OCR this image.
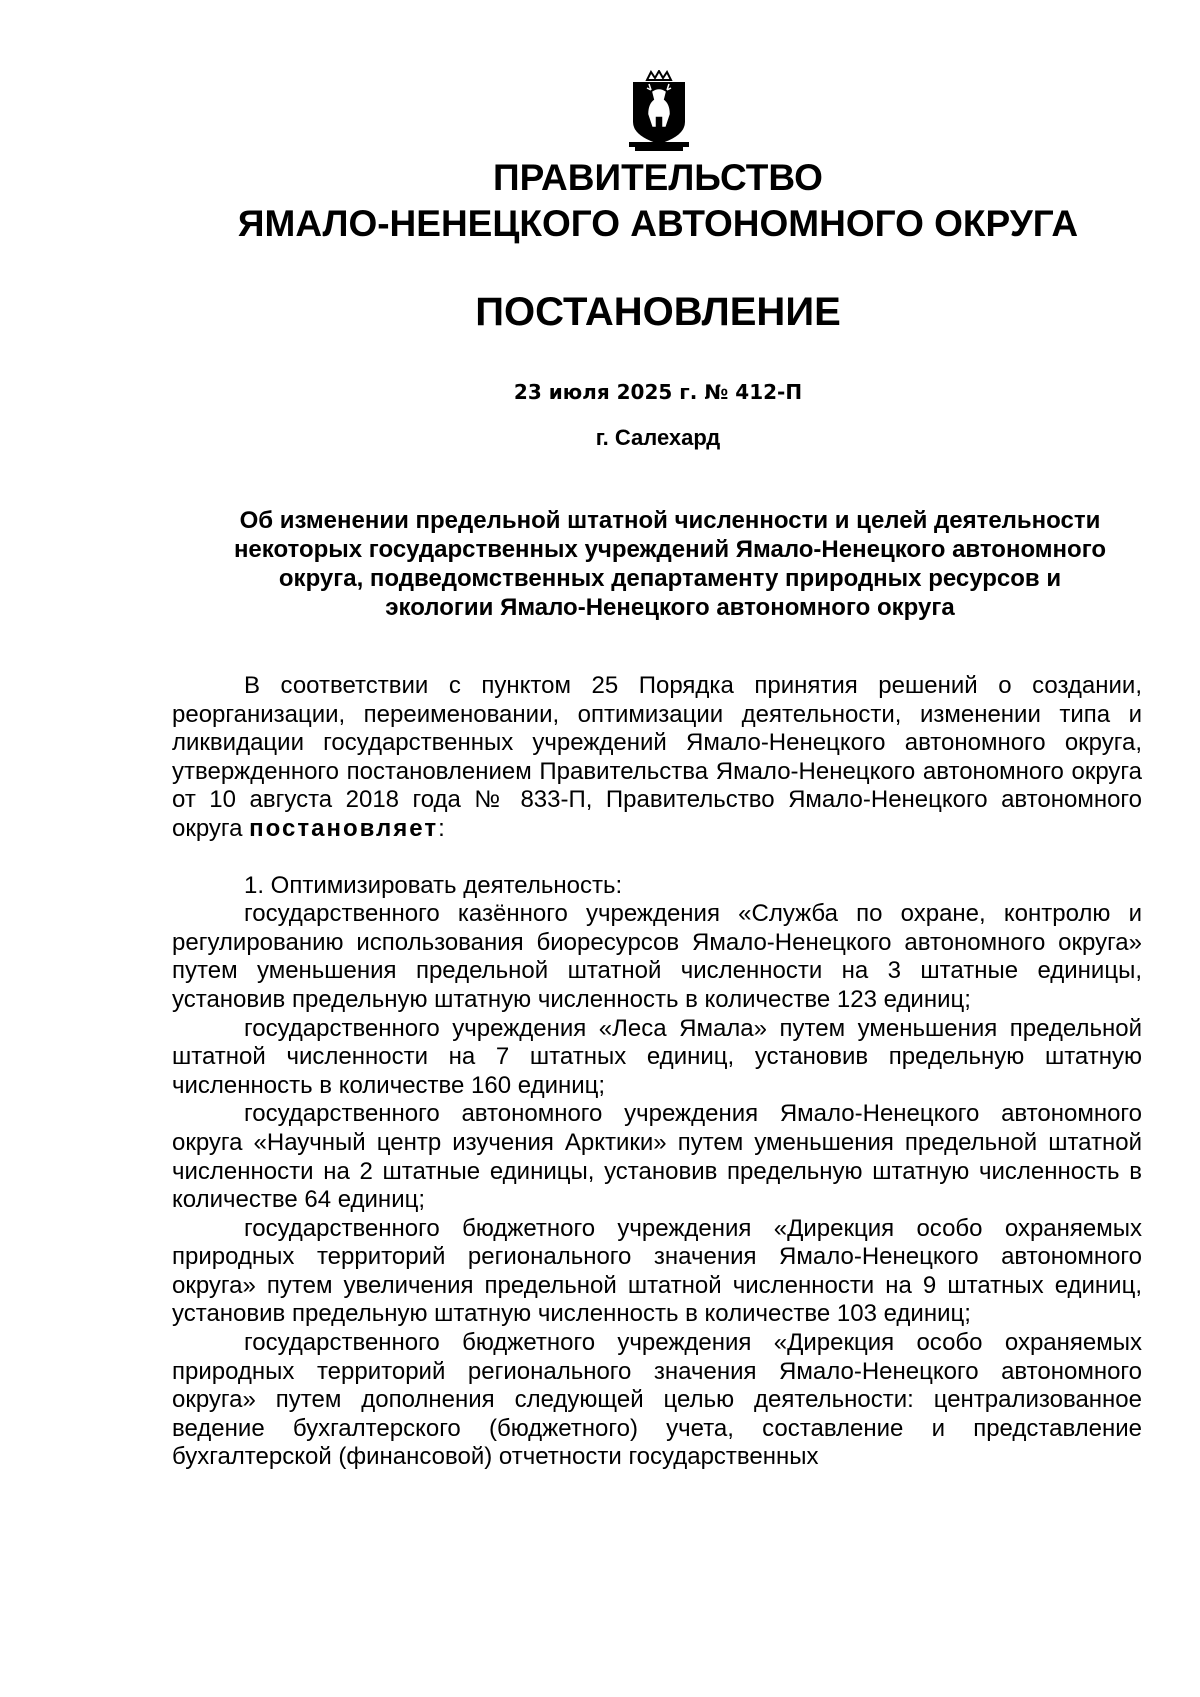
ПРАВИТЕЛЬСТВО
ЯМАЛО-НЕНЕЦКОГО АВТОНОМНОГО ОКРУГА
ПОСТАНОВЛЕНИЕ
23 июля 2025 г. № 412-П
г. Салехард
Об изменении предельной штатной численности и целей деятельности
некоторых государственных учреждений Ямало-Ненецкого автономного
округа, подведомственных департаменту природных ресурсов и
экологии Ямало-Ненецкого автономного округа

В соответствии с пунктом 25 Порядка принятия решений о создании, реорганизации, переименовании, оптимизации деятельности, изменении типа и ликвидации государственных учреждений Ямало-Ненецкого автономного округа, утвержденного постановлением Правительства Ямало-Ненецкого автономного округа от 10 августа 2018 года № 833-П, Правительство Ямало-Ненецкого автономного округа постановляет:

1. Оптимизировать деятельность:

государственного казённого учреждения «Служба по охране, контролю и регулированию использования биоресурсов Ямало-Ненецкого автономного округа» путем уменьшения предельной штатной численности на 3 штатные единицы, установив предельную штатную численность в количестве 123 единиц;

государственного учреждения «Леса Ямала» путем уменьшения предельной штатной численности на 7 штатных единиц, установив предельную штатную численность в количестве 160 единиц;

государственного автономного учреждения Ямало-Ненецкого автономного округа «Научный центр изучения Арктики» путем уменьшения предельной штатной численности на 2 штатные единицы, установив предельную штатную численность в количестве 64 единиц;

государственного бюджетного учреждения «Дирекция особо охраняемых природных территорий регионального значения Ямало-Ненецкого автономного округа» путем увеличения предельной штатной численности на 9 штатных единиц, установив предельную штатную численность в количестве 103 единиц;

государственного бюджетного учреждения «Дирекция особо охраняемых природных территорий регионального значения Ямало-Ненецкого автономного округа» путем дополнения следующей целью деятельности: централизованное ведение бухгалтерского (бюджетного) учета, составление и представление бухгалтерской (финансовой) отчетности государственных
